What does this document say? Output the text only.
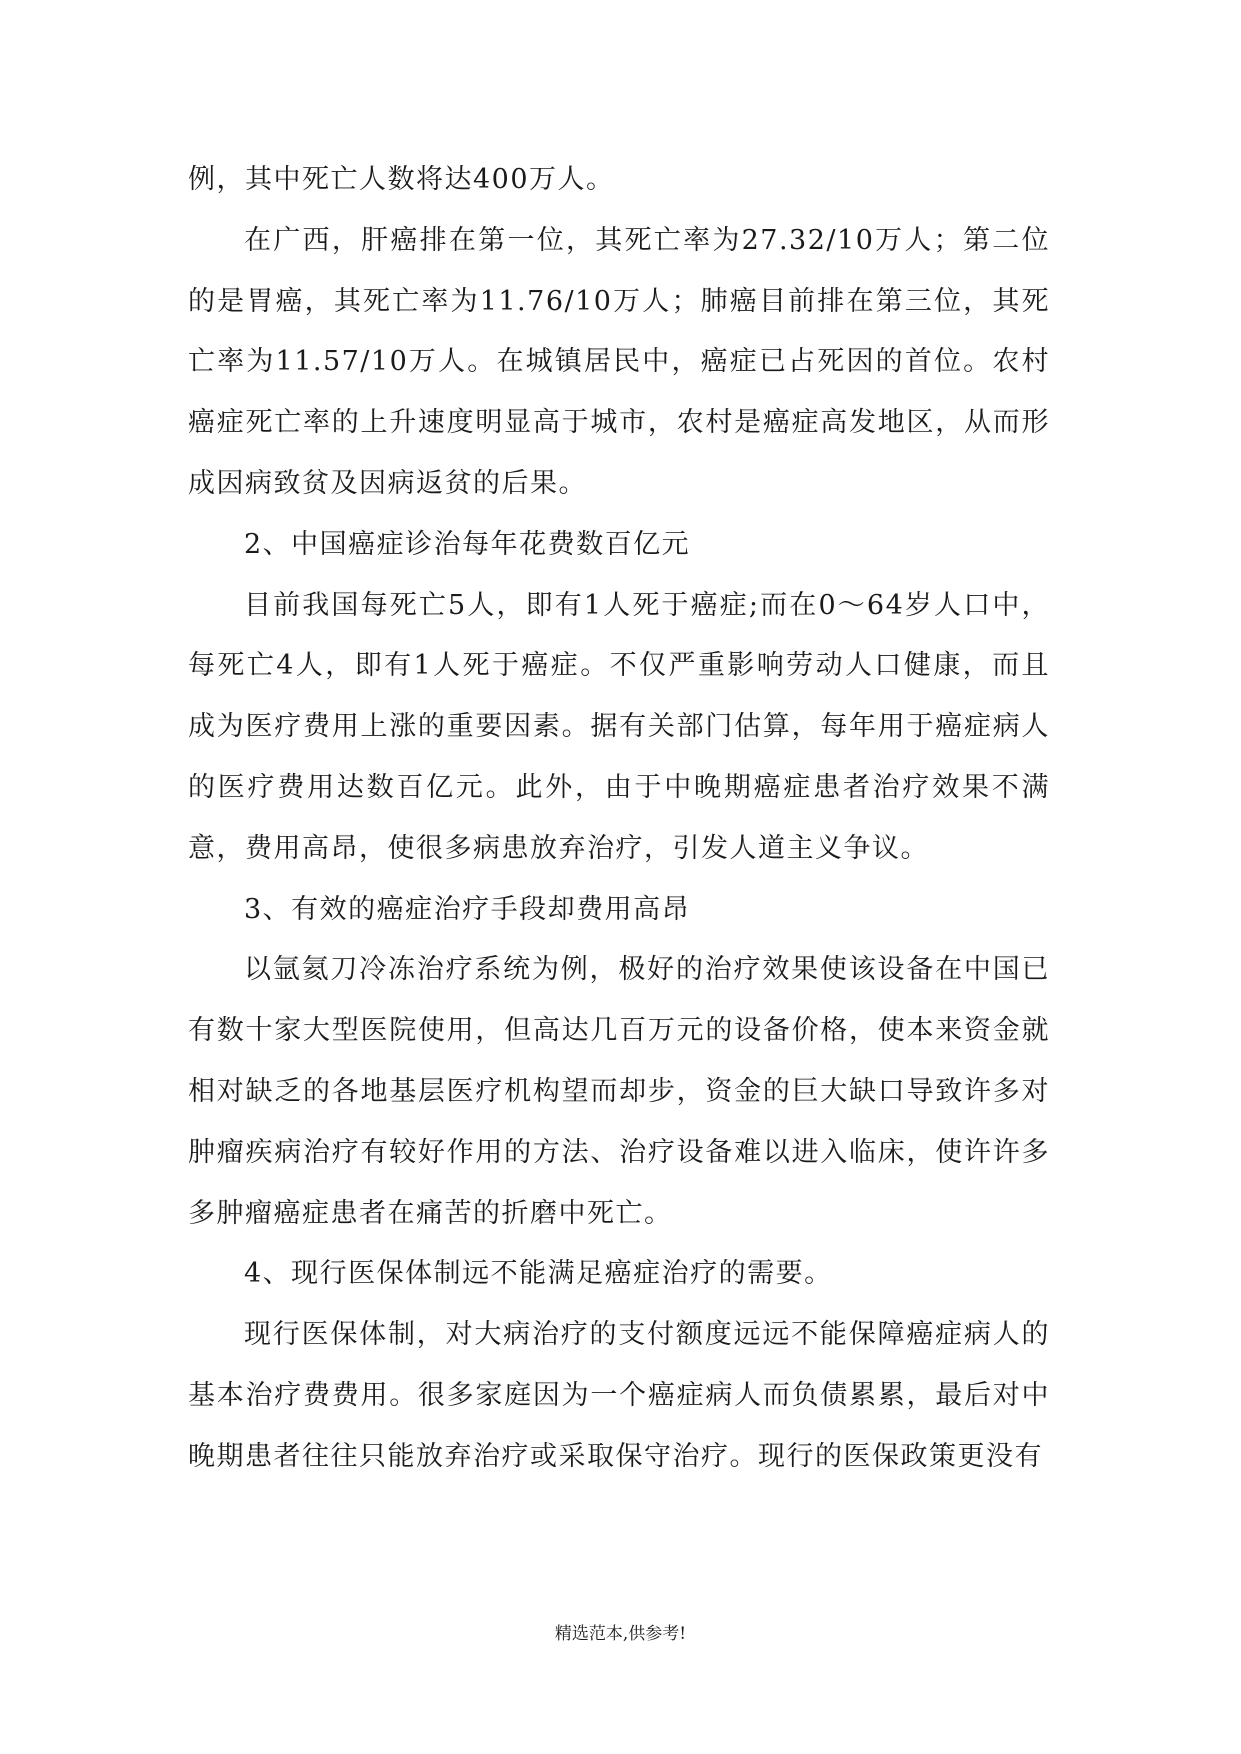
例，其中死亡人数将达400万人。

在广西，肝癌排在第一位，其死亡率为27.32/10万人；第二位的是胃癌，其死亡率为11.76/10万人；肺癌目前排在第三位，其死亡率为11.57/10万人。在城镇居民中，癌症已占死因的首位。农村癌症死亡率的上升速度明显高于城市，农村是癌症高发地区，从而形成因病致贫及因病返贫的后果。

2、中国癌症诊治每年花费数百亿元

目前我国每死亡5人，即有1人死于癌症;而在0～64岁人口中，每死亡4人，即有1人死于癌症。不仅严重影响劳动人口健康，而且成为医疗费用上涨的重要因素。据有关部门估算，每年用于癌症病人的医疗费用达数百亿元。此外，由于中晚期癌症患者治疗效果不满意，费用高昂，使很多病患放弃治疗，引发人道主义争议。

3、有效的癌症治疗手段却费用高昂

以氩氦刀冷冻治疗系统为例，极好的治疗效果使该设备在中国已有数十家大型医院使用，但高达几百万元的设备价格，使本来资金就相对缺乏的各地基层医疗机构望而却步，资金的巨大缺口导致许多对肿瘤疾病治疗有较好作用的方法、治疗设备难以进入临床，使许许多多肿瘤癌症患者在痛苦的折磨中死亡。

4、现行医保体制远不能满足癌症治疗的需要。

现行医保体制，对大病治疗的支付额度远远不能保障癌症病人的基本治疗费费用。很多家庭因为一个癌症病人而负债累累，最后对中晚期患者往往只能放弃治疗或采取保守治疗。现行的医保政策更没有

精选范本,供参考!
